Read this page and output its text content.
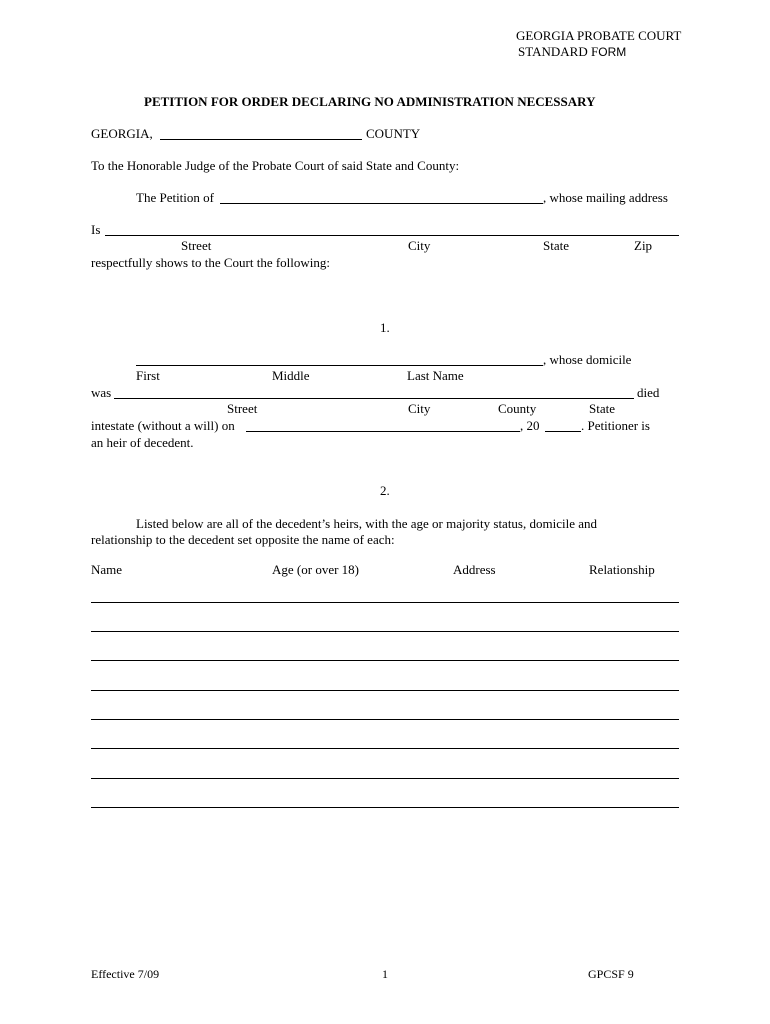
GEORGIA PROBATE COURT
STANDARD FORM
PETITION FOR ORDER DECLARING NO ADMINISTRATION NECESSARY
GEORGIA,	COUNTY
To the Honorable Judge of the Probate Court of said State and County:
The Petition of	, whose mailing address
Is
Street	City	State	Zip
respectfully shows to the Court the following:
1.
, whose domicile
First	Middle	Last Name
was	died
Street	City	County	State
intestate (without a will) on	, 20	. Petitioner is
an heir of decedent.
2.
Listed below are all of the decedent’s heirs, with the age or majority status, domicile and
relationship to the decedent set opposite the name of each:
Name	Age (or over 18)	Address	Relationship
Effective 7/09	1	GPCSF 9
